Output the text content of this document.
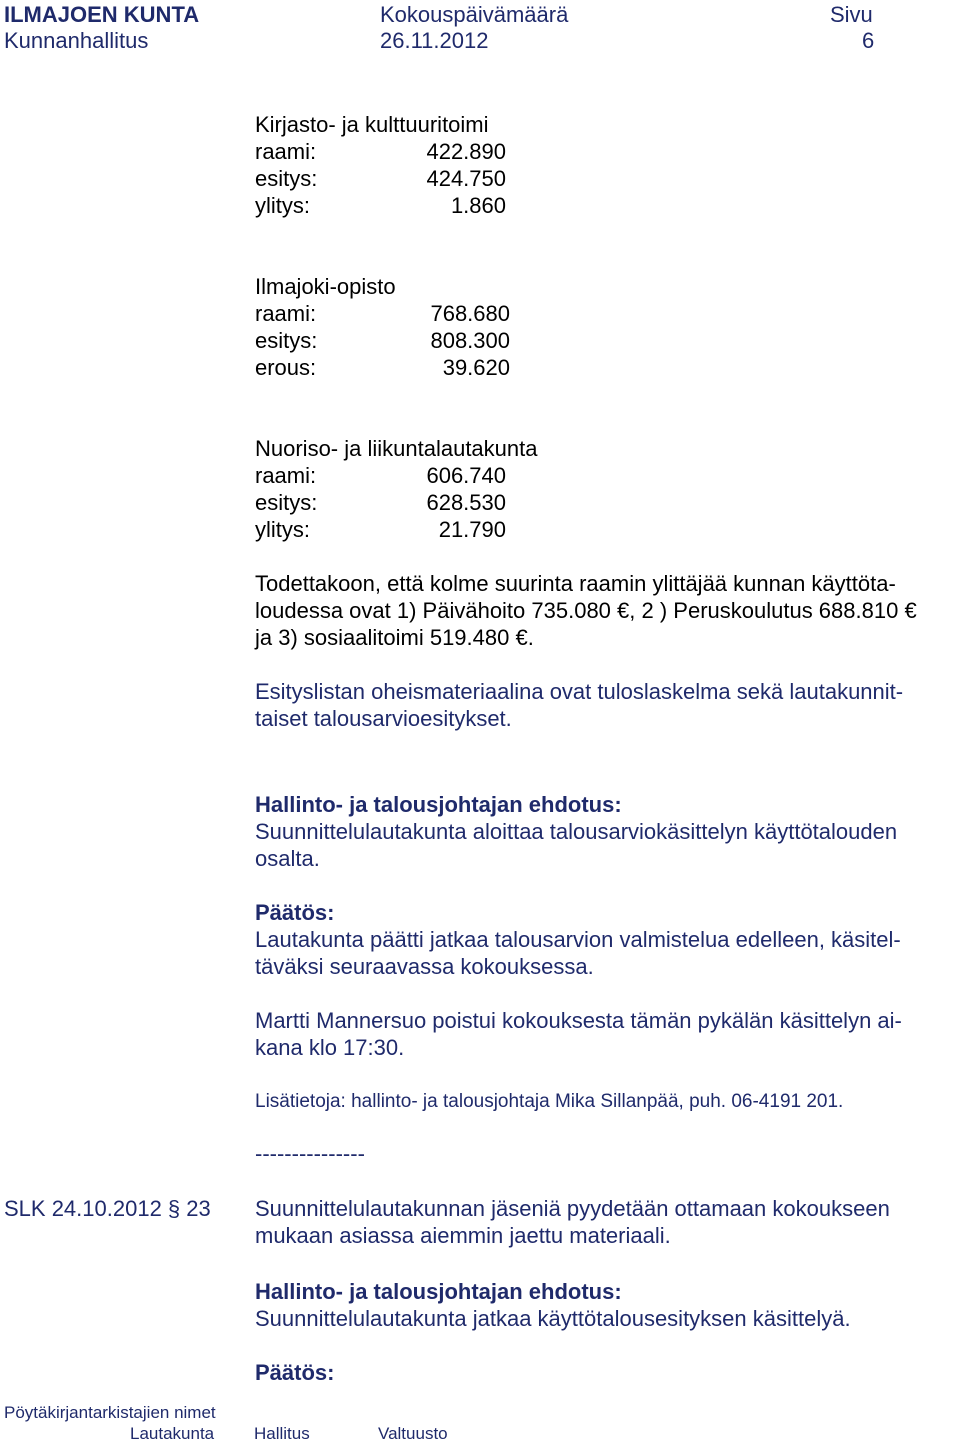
ILMAJOEN KUNTA
Kunnanhallitus
Kokouspäivämäärä
26.11.2012
Sivu
6
Kirjasto- ja kulttuuritoimi
raami:	422.890
esitys:	424.750
ylitys:	1.860
Ilmajoki-opisto
raami:	768.680
esitys:	808.300
erous:	39.620
Nuoriso- ja liikuntalautakunta
raami:	606.740
esitys:	628.530
ylitys:	21.790
Todettakoon, että kolme suurinta raamin ylittäjää kunnan käyttöta-
loudessa ovat 1) Päivähoito 735.080 €, 2 ) Peruskoulutus 688.810 €
ja 3) sosiaalitoimi 519.480 €.
Esityslistan oheismateriaalina ovat tuloslaskelma sekä lautakunnit-
taiset talousarvioesitykset.
Hallinto- ja talousjohtajan ehdotus:
Suunnittelulautakunta aloittaa talousarviokäsittelyn käyttötalouden
osalta.
Päätös:
Lautakunta päätti jatkaa talousarvion valmistelua edelleen, käsitel-
täväksi seuraavassa kokouksessa.
Martti Mannersuo poistui kokouksesta tämän pykälän käsittelyn ai-
kana klo 17:30.
Lisätietoja: hallinto- ja talousjohtaja Mika Sillanpää, puh. 06-4191 201.
---------------
SLK 24.10.2012 § 23 Suunnittelulautakunnan jäseniä pyydetään ottamaan kokoukseen
mukaan asiassa aiemmin jaettu materiaali.
Hallinto- ja talousjohtajan ehdotus:
Suunnittelulautakunta jatkaa käyttötalousesityksen käsittelyä.
Päätös:
Pöytäkirjantarkistajien nimet
Lautakunta Hallitus	Valtuusto
